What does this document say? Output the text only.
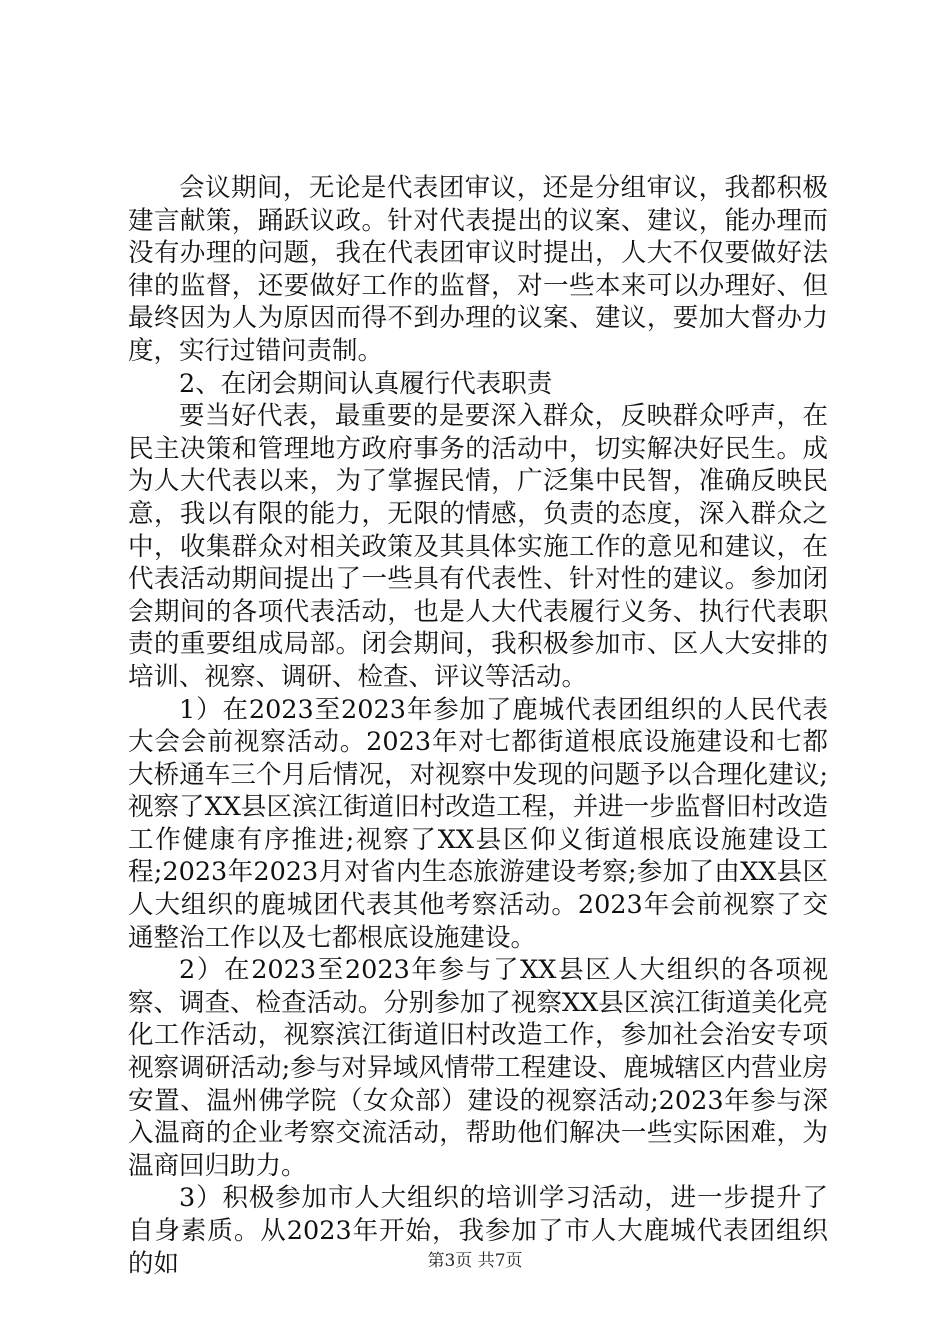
会议期间，无论是代表团审议，还是分组审议，我都积极建言献策，踊跃议政。针对代表提出的议案、建议，能办理而没有办理的问题，我在代表团审议时提出，人大不仅要做好法律的监督，还要做好工作的监督，对一些本来可以办理好、但最终因为人为原因而得不到办理的议案、建议，要加大督办力度，实行过错问责制。

2、在闭会期间认真履行代表职责

要当好代表，最重要的是要深入群众，反映群众呼声，在民主决策和管理地方政府事务的活动中，切实解决好民生。成为人大代表以来，为了掌握民情，广泛集中民智，准确反映民意，我以有限的能力，无限的情感，负责的态度，深入群众之中，收集群众对相关政策及其具体实施工作的意见和建议，在代表活动期间提出了一些具有代表性、针对性的建议。参加闭会期间的各项代表活动，也是人大代表履行义务、执行代表职责的重要组成局部。闭会期间，我积极参加市、区人大安排的培训、视察、调研、检查、评议等活动。

1）在2023至2023年参加了鹿城代表团组织的人民代表大会会前视察活动。2023年对七都街道根底设施建设和七都大桥通车三个月后情况，对视察中发现的问题予以合理化建议;视察了XX县区滨江街道旧村改造工程，并进一步监督旧村改造工作健康有序推进;视察了XX县区仰义街道根底设施建设工程;2023年2023月对省内生态旅游建设考察;参加了由XX县区人大组织的鹿城团代表其他考察活动。2023年会前视察了交通整治工作以及七都根底设施建设。

2）在2023至2023年参与了XX县区人大组织的各项视察、调查、检查活动。分别参加了视察XX县区滨江街道美化亮化工作活动，视察滨江街道旧村改造工作，参加社会治安专项视察调研活动;参与对异域风情带工程建设、鹿城辖区内营业房安置、温州佛学院（女众部）建设的视察活动;2023年参与深入温商的企业考察交流活动，帮助他们解决一些实际困难，为温商回归助力。

3）积极参加市人大组织的培训学习活动，进一步提升了自身素质。从2023年开始，我参加了市人大鹿城代表团组织的如	第3页 共7页
